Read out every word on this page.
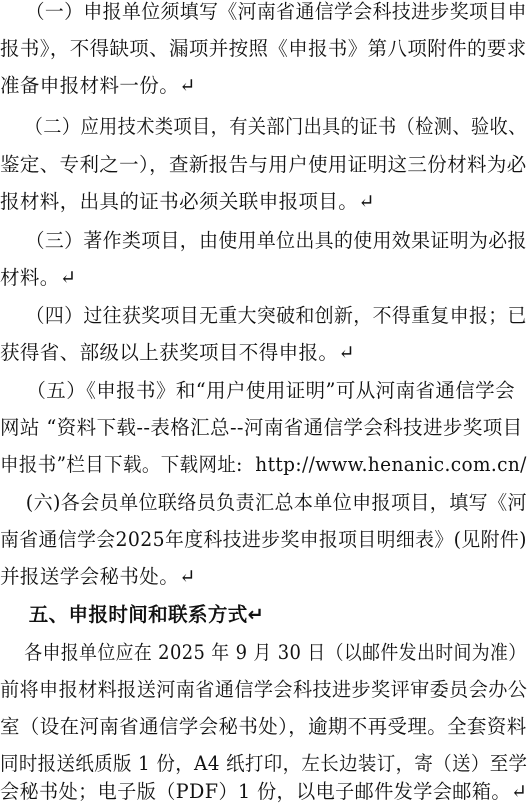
（一）申报单位须填写《河南省通信学会科技进步奖项目申
报书》，不得缺项、漏项并按照《申报书》第八项附件的要求
准备申报材料一份。↵
（二）应用技术类项目，有关部门出具的证书（检测、验收、
鉴定、专利之一），查新报告与用户使用证明这三份材料为必
报材料，出具的证书必须关联申报项目。↵
（三）著作类项目，由使用单位出具的使用效果证明为必报
材料。↵
（四）过往获奖项目无重大突破和创新，不得重复申报；已
获得省、部级以上获奖项目不得申报。↵
（五）《申报书》和“用户使用证明”可从河南省通信学会
网站 “资料下载--表格汇总--河南省通信学会科技进步奖项目
申报书”栏目下载。下载网址:  http://www.henanic.com.cn/
(六)各会员单位联络员负责汇总本单位申报项目，填写《河
南省通信学会2025年度科技进步奖申报项目明细表》(见附件)
并报送学会秘书处。↵
五、申报时间和联系方式↵
各申报单位应在 2025 年 9 月 30 日（以邮件发出时间为准）
前将申报材料报送河南省通信学会科技进步奖评审委员会办公
室（设在河南省通信学会秘书处），逾期不再受理。全套资料
同时报送纸质版 1 份，A4 纸打印，左长边装订，寄（送）至学
会秘书处；电子版（PDF）1 份，以电子邮件发学会邮箱。↵
